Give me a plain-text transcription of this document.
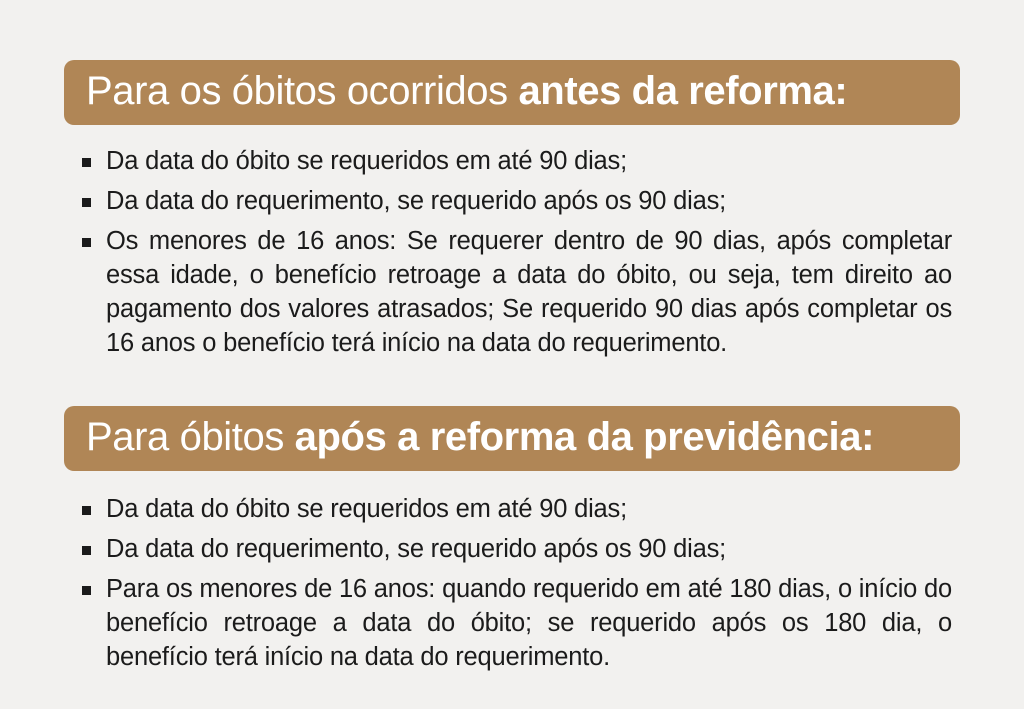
Para os óbitos ocorridos antes da reforma:
Da data do óbito se requeridos em até 90 dias;
Da data do requerimento, se requerido após os 90 dias;
Os menores de 16 anos: Se requerer dentro de 90 dias, após completar essa idade, o benefício retroage a data do óbito, ou seja, tem direito ao pagamento dos valores atrasados; Se requerido 90 dias após completar os 16 anos o benefício terá início na data do requerimento.
Para óbitos após a reforma da previdência:
Da data do óbito se requeridos em até 90 dias;
Da data do requerimento, se requerido após os 90 dias;
Para os menores de 16 anos: quando requerido em até 180 dias, o início do benefício retroage a data do óbito; se requerido após os 180 dia, o benefício terá início na data do requerimento.
